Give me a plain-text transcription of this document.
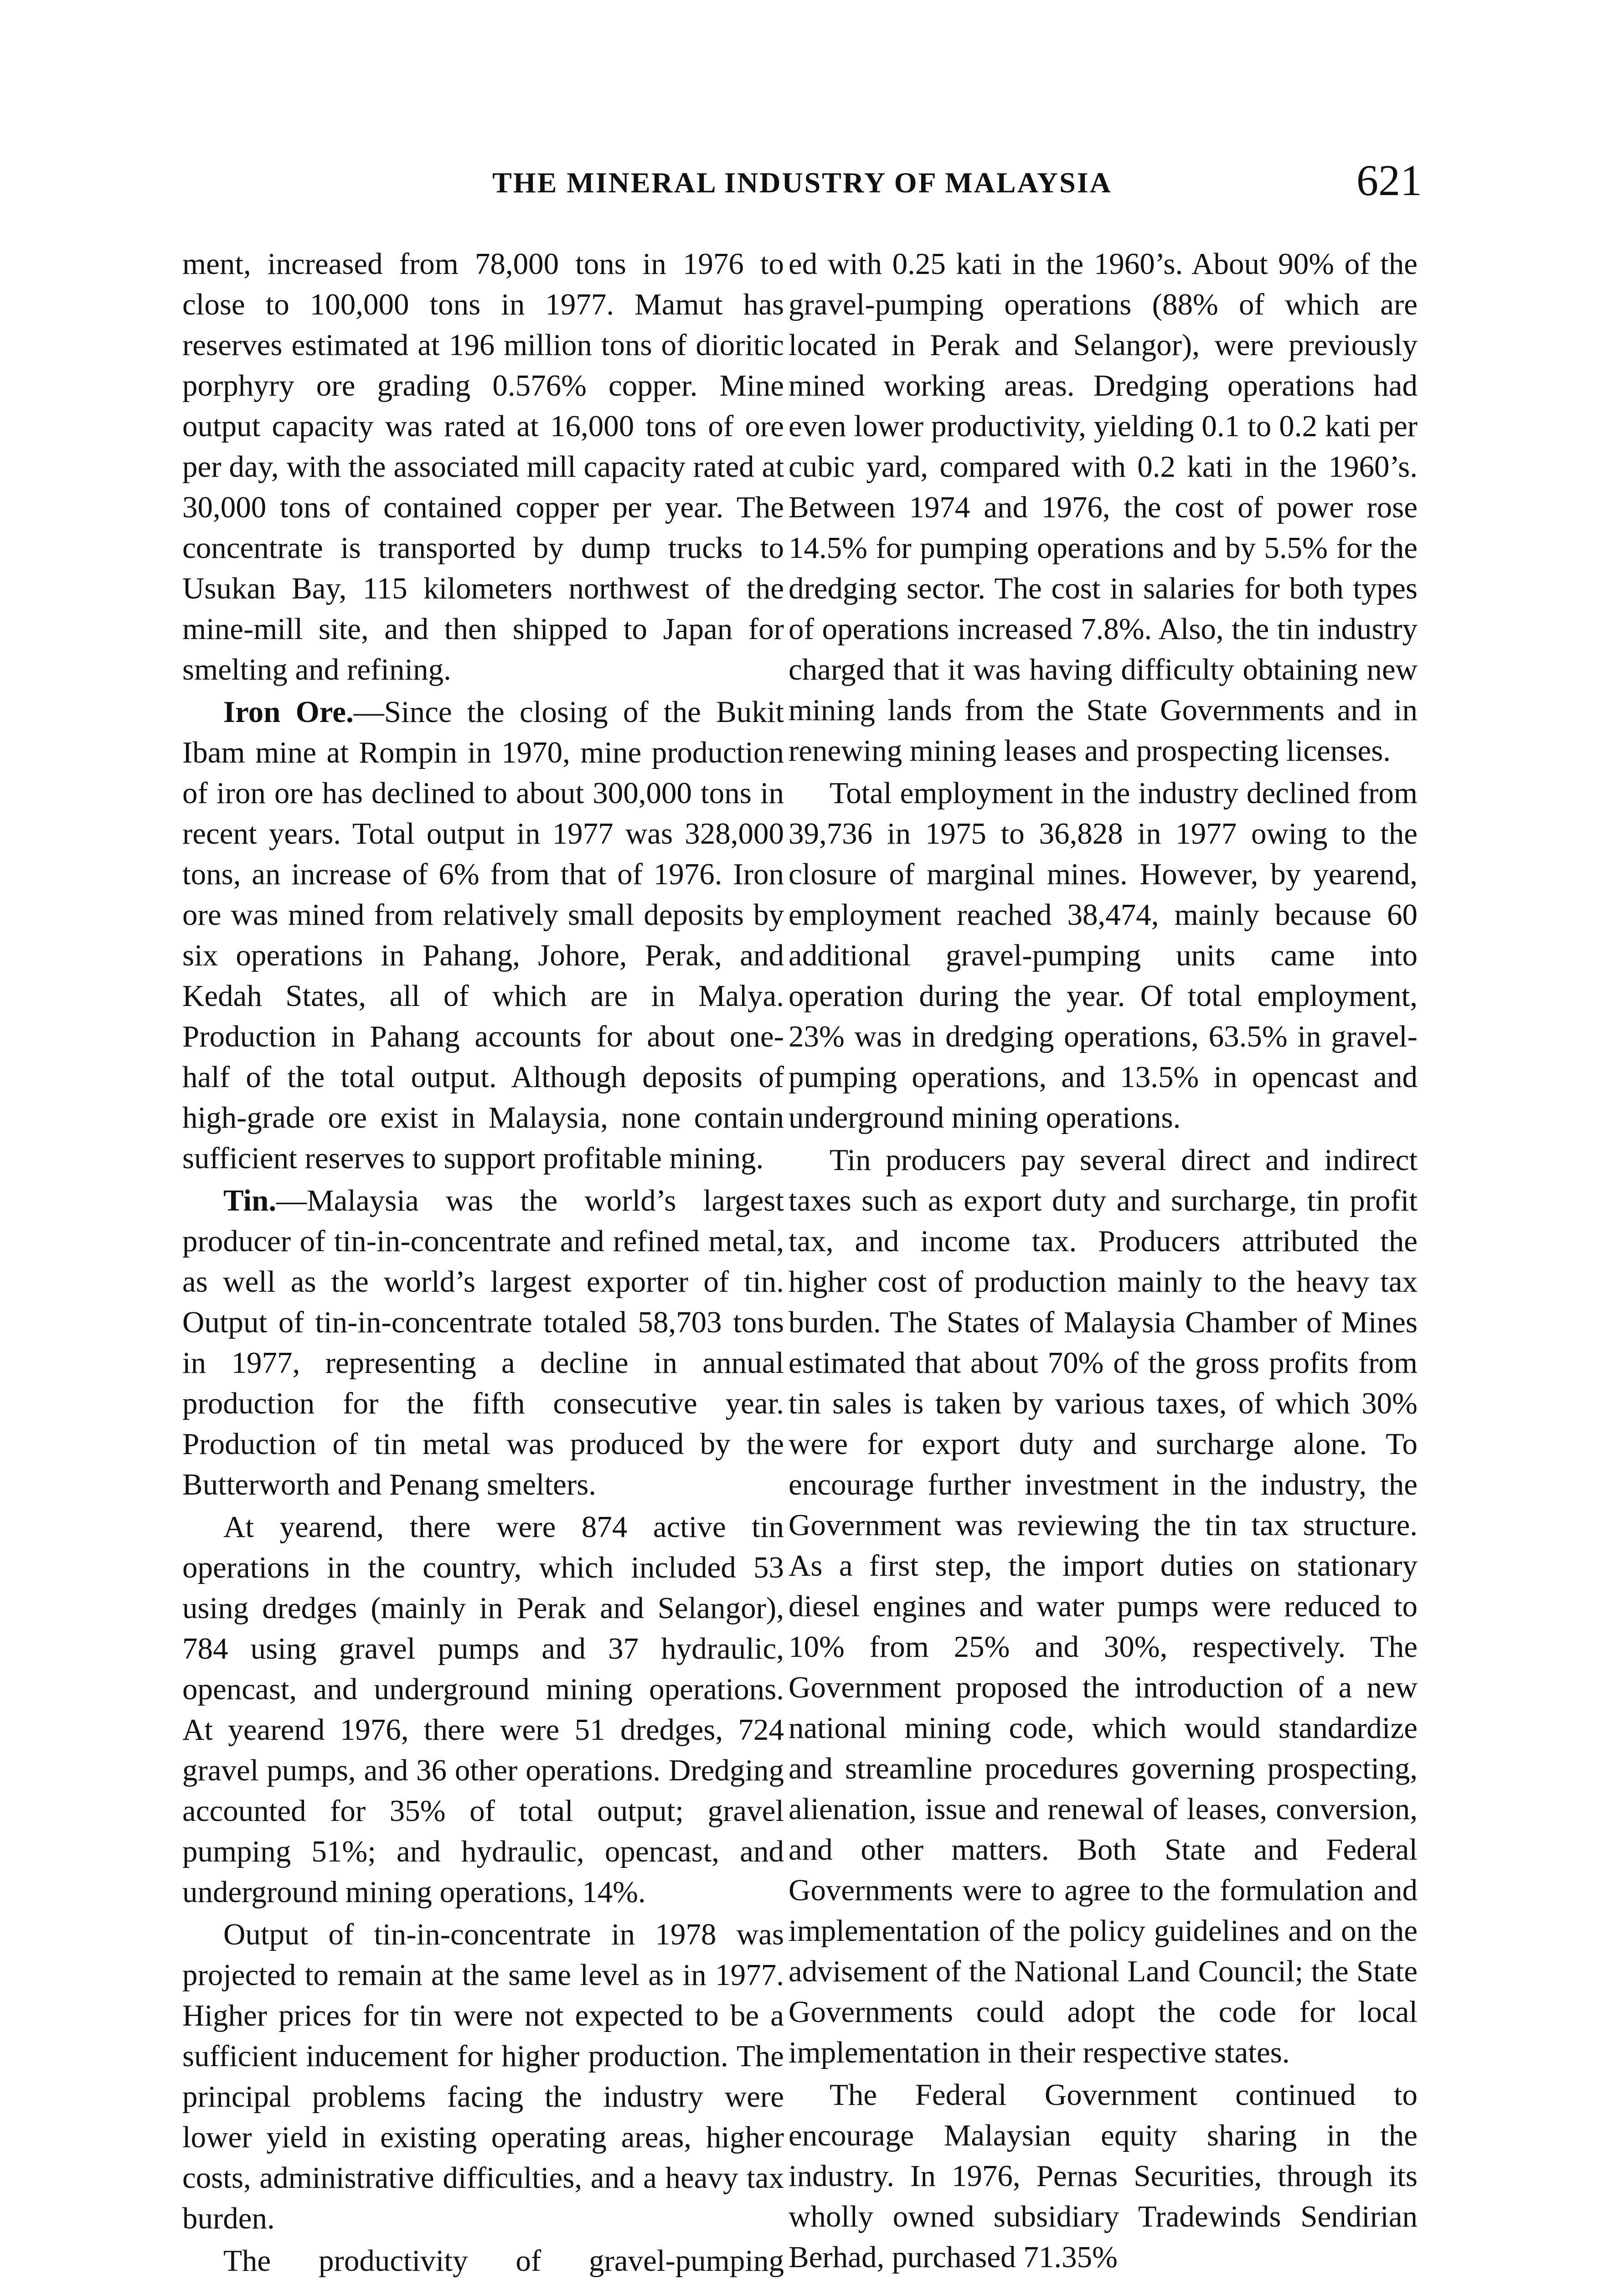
THE MINERAL INDUSTRY OF MALAYSIA	621

ment, increased from 78,000 tons in 1976 to close to 100,000 tons in 1977. Mamut has reserves estimated at 196 million tons of dioritic porphyry ore grading 0.576% copper. Mine output capacity was rated at 16,000 tons of ore per day, with the associated mill capacity rated at 30,000 tons of contained copper per year. The concentrate is transported by dump trucks to Usukan Bay, 115 kilometers northwest of the mine-mill site, and then shipped to Japan for smelting and refining.

Iron Ore.—Since the closing of the Bukit Ibam mine at Rompin in 1970, mine production of iron ore has declined to about 300,000 tons in recent years. Total output in 1977 was 328,000 tons, an increase of 6% from that of 1976. Iron ore was mined from relatively small deposits by six operations in Pahang, Johore, Perak, and Kedah States, all of which are in Malya. Production in Pahang accounts for about one-half of the total output. Although deposits of high-grade ore exist in Malaysia, none contain sufficient reserves to support profitable mining.

Tin.—Malaysia was the world’s largest producer of tin-in-concentrate and refined metal, as well as the world’s largest exporter of tin. Output of tin-in-concentrate totaled 58,703 tons in 1977, representing a decline in annual production for the fifth consecutive year. Production of tin metal was produced by the Butterworth and Penang smelters.

At yearend, there were 874 active tin operations in the country, which included 53 using dredges (mainly in Perak and Selangor), 784 using gravel pumps and 37 hydraulic, opencast, and underground mining operations. At yearend 1976, there were 51 dredges, 724 gravel pumps, and 36 other operations. Dredging accounted for 35% of total output; gravel pumping 51%; and hydraulic, opencast, and underground mining operations, 14%.

Output of tin-in-concentrate in 1978 was projected to remain at the same level as in 1977. Higher prices for tin were not expected to be a sufficient inducement for higher production. The principal problems facing the industry were lower yield in existing operating areas, higher costs, administrative difficulties, and a heavy tax burden.

The productivity of gravel-pumping

ed with 0.25 kati in the 1960’s. About 90% of the gravel-pumping operations (88% of which are located in Perak and Selangor), were previously mined working areas. Dredging operations had even lower productivity, yielding 0.1 to 0.2 kati per cubic yard, compared with 0.2 kati in the 1960’s. Between 1974 and 1976, the cost of power rose 14.5% for pumping operations and by 5.5% for the dredging sector. The cost in salaries for both types of operations increased 7.8%. Also, the tin industry charged that it was having difficulty obtaining new mining lands from the State Governments and in renewing mining leases and prospecting licenses.

Total employment in the industry declined from 39,736 in 1975 to 36,828 in 1977 owing to the closure of marginal mines. However, by yearend, employment reached 38,474, mainly because 60 additional gravel-pumping units came into operation during the year. Of total employment, 23% was in dredging operations, 63.5% in gravel-pumping operations, and 13.5% in opencast and underground mining operations.

Tin producers pay several direct and indirect taxes such as export duty and surcharge, tin profit tax, and income tax. Producers attributed the higher cost of production mainly to the heavy tax burden. The States of Malaysia Chamber of Mines estimated that about 70% of the gross profits from tin sales is taken by various taxes, of which 30% were for export duty and surcharge alone. To encourage further investment in the industry, the Government was reviewing the tin tax structure. As a first step, the import duties on stationary diesel engines and water pumps were reduced to 10% from 25% and 30%, respectively. The Government proposed the introduction of a new national mining code, which would standardize and streamline procedures governing prospecting, alienation, issue and renewal of leases, conversion, and other matters. Both State and Federal Governments were to agree to the formulation and implementation of the policy guidelines and on the advisement of the National Land Council; the State Governments could adopt the code for local implementation in their respective states.

The Federal Government continued to encourage Malaysian equity sharing in the industry. In 1976, Pernas Securities, through its wholly owned subsidiary Tradewinds Sendirian Berhad, purchased 71.35%
